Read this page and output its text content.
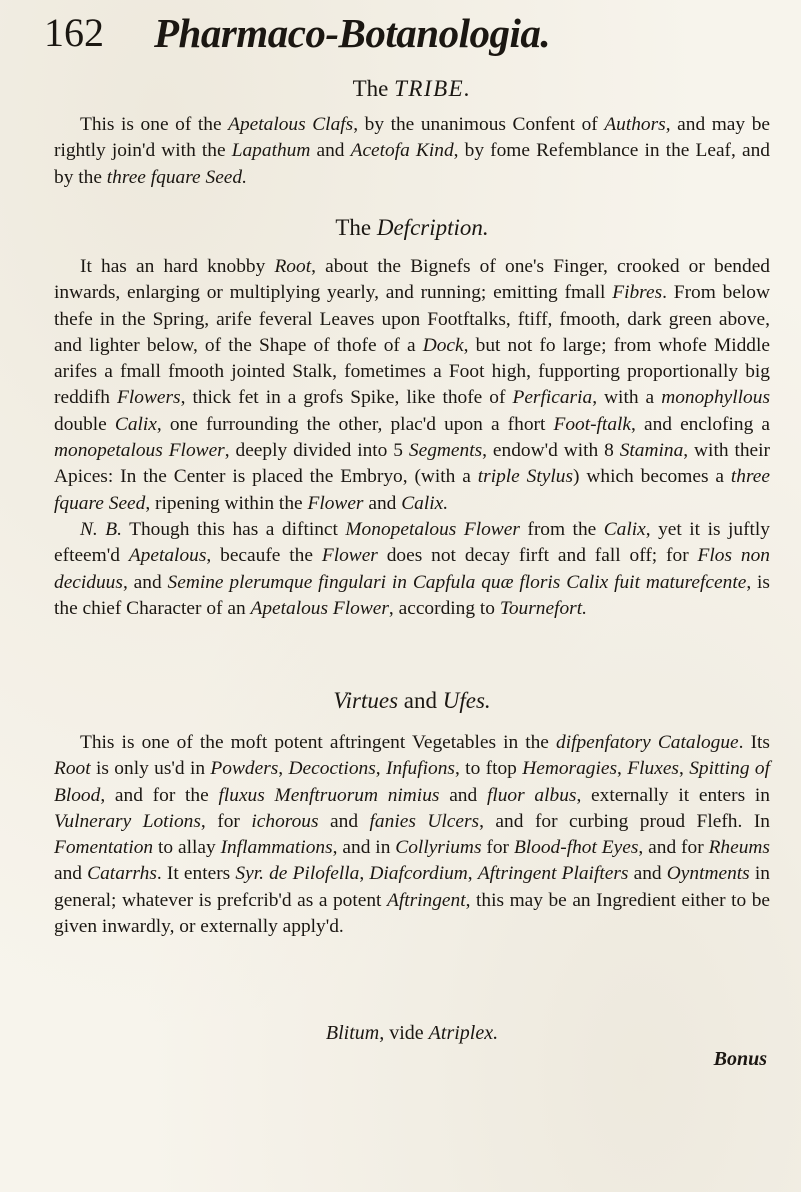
162 Pharmaco-Botanologia.
The TRIBE.

This is one of the Apetalous Clafs, by the unanimous Confent of Authors, and may be rightly join'd with the Lapathum and Acetofa Kind, by fome Refemblance in the Leaf, and by the three fquare Seed.

The Defcription.

It has an hard knobby Root, about the Bignefs of one's Finger, crooked or bended inwards, enlarging or multiplying yearly, and running; emitting fmall Fibres. From below thefe in the Spring, arife feveral Leaves upon Footftalks, ftiff, fmooth, dark green above, and lighter below, of the Shape of thofe of a Dock, but not fo large; from whofe Middle arifes a fmall fmooth jointed Stalk, fometimes a Foot high, fupporting proportionally big reddifh Flowers, thick fet in a grofs Spike, like thofe of Perficaria, with a monophyllous double Calix, one furrounding the other, plac'd upon a fhort Foot-ftalk, and enclofing a monopetalous Flower, deeply divided into 5 Segments, endow'd with 8 Stamina, with their Apices: In the Center is placed the Embryo, (with a triple Stylus) which becomes a three fquare Seed, ripening within the Flower and Calix.

N. B. Though this has a diftinct Monopetalous Flower from the Calix, yet it is juftly efteem'd Apetalous, becaufe the Flower does not decay firft and fall off; for Flos non deciduus, and Semine plerumque fingulari in Capfula quæ floris Calix fuit maturefcente, is the chief Character of an Apetalous Flower, according to Tournefort.

Virtues and Ufes.

This is one of the moft potent aftringent Vegetables in the difpenfatory Catalogue. Its Root is only us'd in Powders, Decoctions, Infufions, to ftop Hemoragies, Fluxes, Spitting of Blood, and for the fluxus Menftruorum nimius and fluor albus, externally it enters in Vulnerary Lotions, for ichorous and fanies Ulcers, and for curbing proud Flefh. In Fomentation to allay Inflammations, and in Collyriums for Blood-fhot Eyes, and for Rheums and Catarrhs. It enters Syr. de Pilofella, Diafcordium, Aftringent Plaifters and Oyntments in general; whatever is prefcrib'd as a potent Aftringent, this may be an Ingredient either to be given inwardly, or externally apply'd.

Blitum, vide Atriplex.
Bonus
